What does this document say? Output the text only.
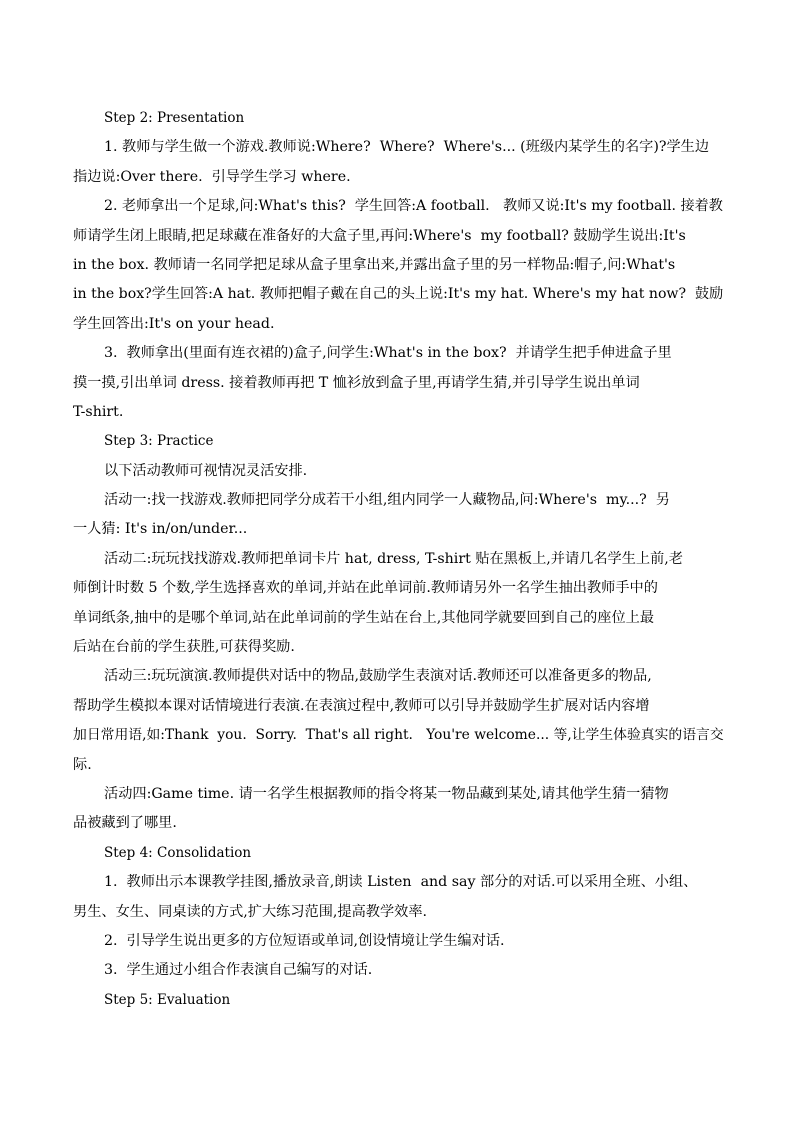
Step 2: Presentation
1. 教师与学生做一个游戏.教师说:Where?  Where?  Where's... (班级内某学生的名字)?学生边
指边说:Over there.  引导学生学习 where.
2. 老师拿出一个足球,问:What's this?  学生回答:A football.   教师又说:It's my football. 接着教
师请学生闭上眼睛,把足球藏在准备好的大盒子里,再问:Where's  my football? 鼓励学生说出:It's
in the box. 教师请一名同学把足球从盒子里拿出来,并露出盒子里的另一样物品:帽子,问:What's
in the box?学生回答:A hat. 教师把帽子戴在自己的头上说:It's my hat. Where's my hat now?  鼓励
学生回答出:It's on your head.
3.  教师拿出(里面有连衣裙的)盒子,问学生:What's in the box?  并请学生把手伸进盒子里
摸一摸,引出单词 dress. 接着教师再把 T 恤衫放到盒子里,再请学生猜,并引导学生说出单词
T-shirt.
Step 3: Practice
以下活动教师可视情况灵活安排.
活动一:找一找游戏.教师把同学分成若干小组,组内同学一人藏物品,问:Where's  my...?  另
一人猜: It's in/on/under...
活动二:玩玩找找游戏.教师把单词卡片 hat, dress, T-shirt 贴在黑板上,并请几名学生上前,老
师倒计时数 5 个数,学生选择喜欢的单词,并站在此单词前.教师请另外一名学生抽出教师手中的
单词纸条,抽中的是哪个单词,站在此单词前的学生站在台上,其他同学就要回到自己的座位上最
后站在台前的学生获胜,可获得奖励.
活动三:玩玩演演.教师提供对话中的物品,鼓励学生表演对话.教师还可以准备更多的物品,
帮助学生模拟本课对话情境进行表演.在表演过程中,教师可以引导并鼓励学生扩展对话内容增
加日常用语,如:Thank  you.  Sorry.  That's all right.   You're welcome... 等,让学生体验真实的语言交
际.
活动四:Game time. 请一名学生根据教师的指令将某一物品藏到某处,请其他学生猜一猜物
品被藏到了哪里.
Step 4: Consolidation
1.  教师出示本课教学挂图,播放录音,朗读 Listen  and say 部分的对话.可以采用全班、小组、
男生、女生、同桌读的方式,扩大练习范围,提高教学效率.
2.  引导学生说出更多的方位短语或单词,创设情境让学生编对话.
3.  学生通过小组合作表演自己编写的对话.
Step 5: Evaluation
